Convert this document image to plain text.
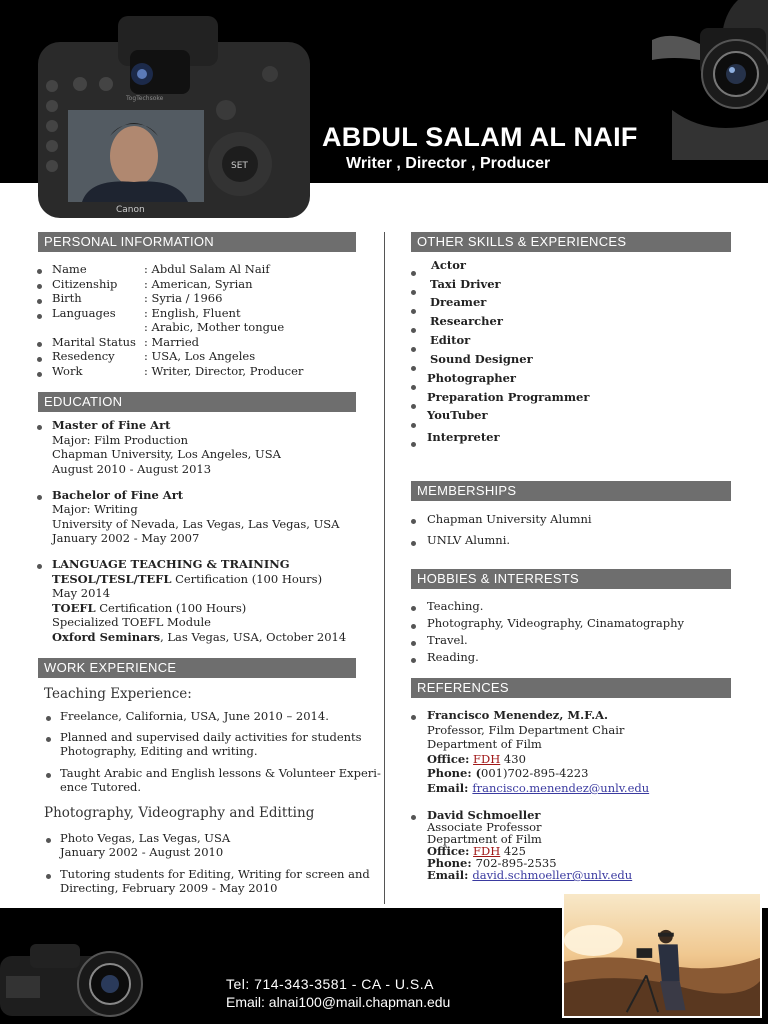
TogTechsoke
SET
Canon
ABDUL SALAM AL NAIF
Writer , Director , Producer
PERSONAL INFORMATION
Name	: Abdul Salam Al Naif
Citizenship : American, Syrian
Birth	: Syria / 1966
Languages : English, Fluent
: Arabic, Mother tongue
Marital Status : Married
Resedency	: USA, Los Angeles
Work	: Writer, Director, Producer
EDUCATION
Master of Fine Art
Major: Film Production
Chapman University, Los Angeles, USA
August 2010 - August 2013
Bachelor of Fine Art
Major: Writing
University of Nevada, Las Vegas, Las Vegas, USA
January 2002 - May 2007
LANGUAGE TEACHING & TRAINING
TESOL/TESL/TEFL Certification (100 Hours)
May 2014
TOEFL Certification (100 Hours)
Specialized TOEFL Module
Oxford Seminars, Las Vegas, USA, October 2014
WORK EXPERIENCE
Teaching Experience:
Freelance, California, USA, June 2010 – 2014.
Planned and supervised daily activities for students
Photography, Editing and writing.
Taught Arabic and English lessons & Volunteer Experi-
ence Tutored.
Photography, Videography and Editting
Photo Vegas, Las Vegas, USA
January 2002 - August 2010
Tutoring students for Editing, Writing for screen and
Directing, February 2009 - May 2010
OTHER SKILLS & EXPERIENCES
Actor
Taxi Driver
Dreamer
Researcher
Editor
Sound Designer
Photographer
Preparation Programmer
YouTuber
Interpreter
MEMBERSHIPS
Chapman University Alumni
UNLV Alumni.
HOBBIES & INTERRESTS
Teaching.
Photography, Videography, Cinamatography
Travel.
Reading.
REFERENCES
Francisco Menendez, M.F.A.
Professor, Film Department Chair
Department of Film
Office: FDH 430
Phone: (001)702-895-4223
Email: francisco.menendez@unlv.edu
David Schmoeller
Associate Professor
Department of Film
Office: FDH 425
Phone: 702-895-2535
Email: david.schmoeller@unlv.edu
Tel: 714-343-3581 - CA - U.S.A
Email: alnai100@mail.chapman.edu
